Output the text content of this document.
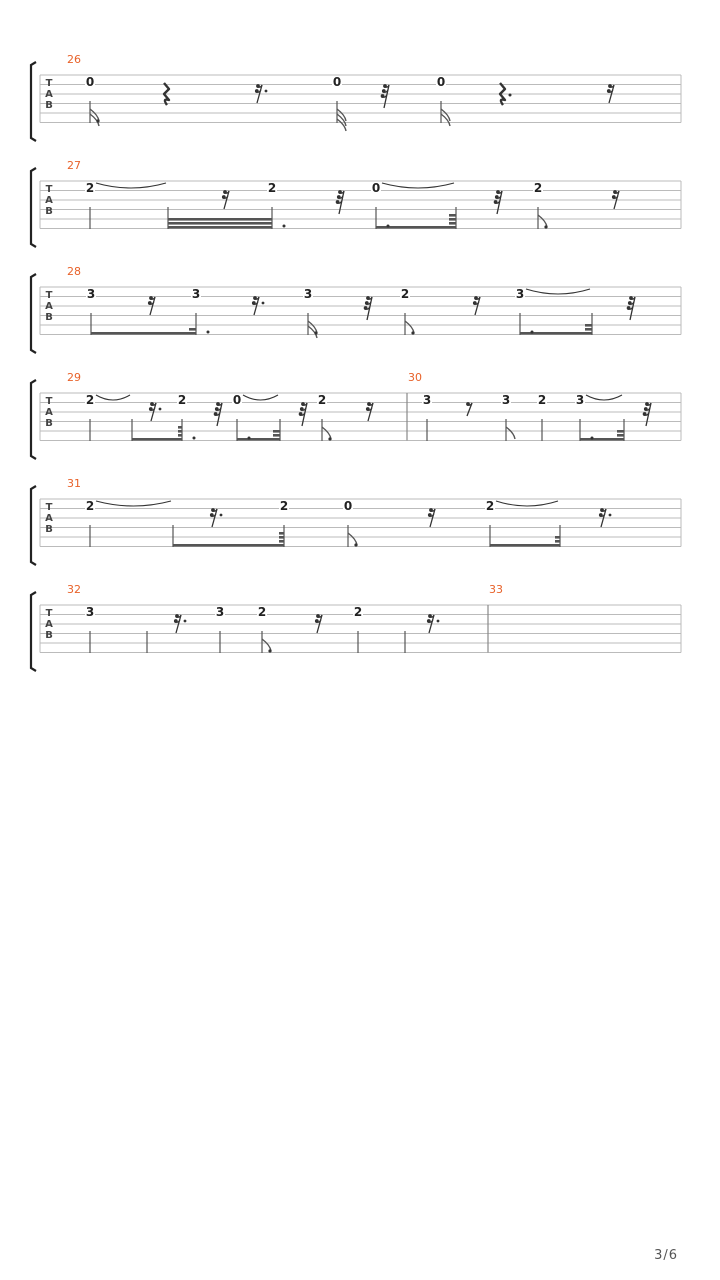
T
A
B
26
0	0	0
T
A
B
27
2	2	0	2
T
A
B
28
3	3	3	2	3
T
A
B
29
2	2	0	2
30
3	3 2 3
T
A
B
31
2	2	0	2
T
A
B
32
3	3	2	2
33
3/6
